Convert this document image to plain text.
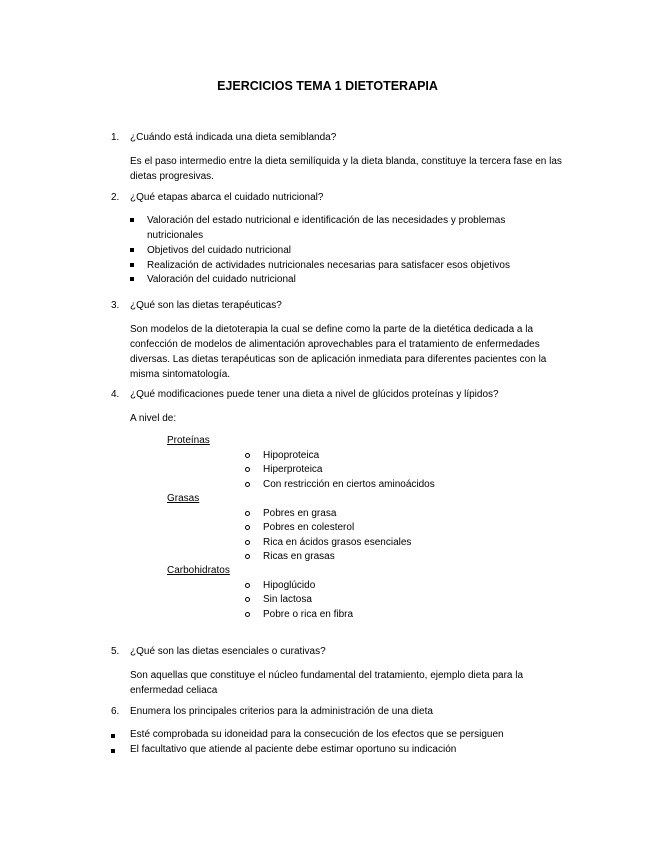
EJERCICIOS TEMA 1 DIETOTERAPIA
1. ¿Cuándo está indicada una dieta semiblanda?
Es el paso intermedio entre la dieta semilíquida y la dieta blanda, constituye la tercera fase en las dietas progresivas.
2. ¿Qué etapas abarca el cuidado nutricional?
Valoración del estado nutricional e identificación de las necesidades y problemas nutricionales
Objetivos del cuidado nutricional
Realización de actividades nutricionales necesarias para satisfacer esos objetivos
Valoración del cuidado nutricional
3. ¿Qué son las dietas terapéuticas?
Son modelos de la dietoterapia la cual se define como la parte de la dietética dedicada a la confección de modelos de alimentación aprovechables para el tratamiento de enfermedades diversas. Las dietas terapéuticas son de aplicación inmediata para diferentes pacientes con la misma sintomatología.
4. ¿Qué modificaciones puede tener una dieta a nivel de glúcidos proteínas y lípidos?
A nivel de:
Proteínas
Hipoproteica
Hiperproteica
Con restricción en ciertos aminoácidos
Grasas
Pobres en grasa
Pobres en colesterol
Rica en ácidos grasos esenciales
Ricas en grasas
Carbohidratos
Hipoglúcido
Sin lactosa
Pobre o rica en fibra
5. ¿Qué son las dietas esenciales o curativas?
Son aquellas que constituye el núcleo fundamental del tratamiento, ejemplo dieta para la enfermedad celiaca
6. Enumera los principales criterios para la administración de una dieta
Esté comprobada su idoneidad para la consecución de los efectos que se persiguen
El facultativo que atiende al paciente debe estimar oportuno su indicación
